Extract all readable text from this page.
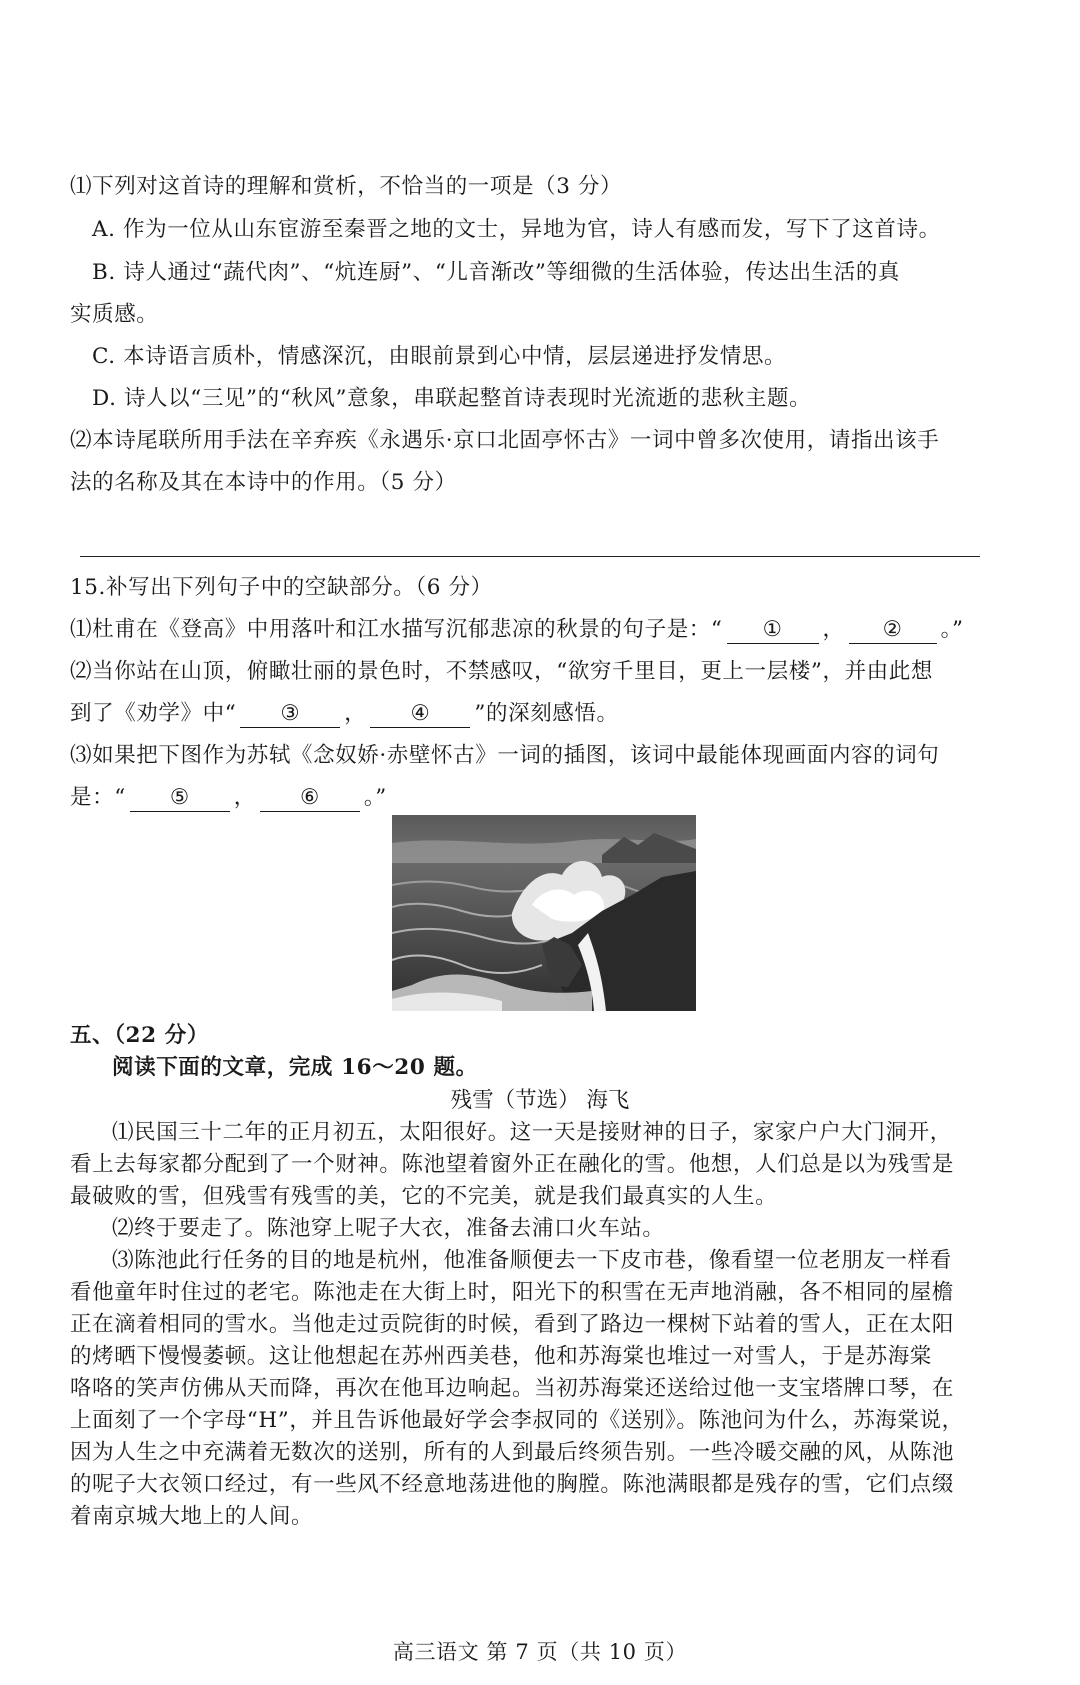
⑴下列对这首诗的理解和赏析，不恰当的一项是（3 分）
A. 作为一位从山东宦游至秦晋之地的文士，异地为官，诗人有感而发，写下了这首诗。
B. 诗人通过“蔬代肉”、“炕连厨”、“儿音渐改”等细微的生活体验，传达出生活的真
实质感。
C. 本诗语言质朴，情感深沉，由眼前景到心中情，层层递进抒发情思。
D. 诗人以“三见”的“秋风”意象，串联起整首诗表现时光流逝的悲秋主题。
⑵本诗尾联所用手法在辛弃疾《永遇乐·京口北固亭怀古》一词中曾多次使用，请指出该手
法的名称及其在本诗中的作用。（5 分）
15.补写出下列句子中的空缺部分。（6 分）
⑴杜甫在《登高》中用落叶和江水描写沉郁悲凉的秋景的句子是：“ ① ， ② 。”
⑵当你站在山顶，俯瞰壮丽的景色时，不禁感叹，“欲穷千里目，更上一层楼”，并由此想
到了《劝学》中“ ③ ， ④ ”的深刻感悟。
⑶如果把下图作为苏轼《念奴娇·赤壁怀古》一词的插图，该词中最能体现画面内容的词句
是：“ ⑤ ， ⑥ 。”
五、（22 分）
阅读下面的文章，完成 16～20 题。
残雪（节选） 海飞
⑴民国三十二年的正月初五，太阳很好。这一天是接财神的日子，家家户户大门洞开，
看上去每家都分配到了一个财神。陈池望着窗外正在融化的雪。他想，人们总是以为残雪是
最破败的雪，但残雪有残雪的美，它的不完美，就是我们最真实的人生。
⑵终于要走了。陈池穿上呢子大衣，准备去浦口火车站。
⑶陈池此行任务的目的地是杭州，他准备顺便去一下皮市巷，像看望一位老朋友一样看
看他童年时住过的老宅。陈池走在大街上时，阳光下的积雪在无声地消融，各不相同的屋檐
正在滴着相同的雪水。当他走过贡院街的时候，看到了路边一棵树下站着的雪人，正在太阳
的烤晒下慢慢萎顿。这让他想起在苏州西美巷，他和苏海棠也堆过一对雪人，于是苏海棠
咯咯的笑声仿佛从天而降，再次在他耳边响起。当初苏海棠还送给过他一支宝塔牌口琴，在
上面刻了一个字母“H”，并且告诉他最好学会李叔同的《送别》。陈池问为什么，苏海棠说，
因为人生之中充满着无数次的送别，所有的人到最后终须告别。一些冷暖交融的风，从陈池
的呢子大衣领口经过，有一些风不经意地荡进他的胸膛。陈池满眼都是残存的雪，它们点缀
着南京城大地上的人间。
高三语文 第 7 页（共 10 页）
